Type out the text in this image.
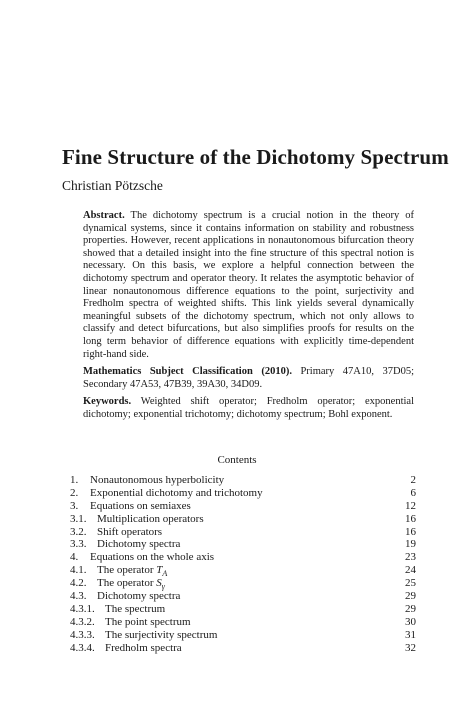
Fine Structure of the Dichotomy Spectrum
Christian Pötzsche

Abstract. The dichotomy spectrum is a crucial notion in the theory of dynamical systems, since it contains information on stability and robustness properties. However, recent applications in nonautonomous bifurcation theory showed that a detailed insight into the fine structure of this spectral notion is necessary. On this basis, we explore a helpful connection between the dichotomy spectrum and operator theory. It relates the asymptotic behavior of linear nonautonomous difference equations to the point, surjectivity and Fredholm spectra of weighted shifts. This link yields several dynamically meaningful subsets of the dichotomy spectrum, which not only allows to classify and detect bifurcations, but also simplifies proofs for results on the long term behavior of difference equations with explicitly time-dependent right-hand side.

Mathematics Subject Classification (2010). Primary 47A10, 37D05; Secondary 47A53, 47B39, 39A30, 34D09.

Keywords. Weighted shift operator; Fredholm operator; exponential dichotomy; exponential trichotomy; dichotomy spectrum; Bohl exponent.

Contents
1. Nonautonomous hyperbolicity	2
2. Exponential dichotomy and trichotomy	6
3. Equations on semiaxes	12
3.1. Multiplication operators	16
3.2. Shift operators	16
3.3. Dichotomy spectra	19
4. Equations on the whole axis	23
4.1. The operator $T_A$	24
4.2. The operator $S_\gamma$	25
4.3. Dichotomy spectra	29
4.3.1. The spectrum	29
4.3.2. The point spectrum	30
4.3.3. The surjectivity spectrum	31
4.3.4. Fredholm spectra	32
